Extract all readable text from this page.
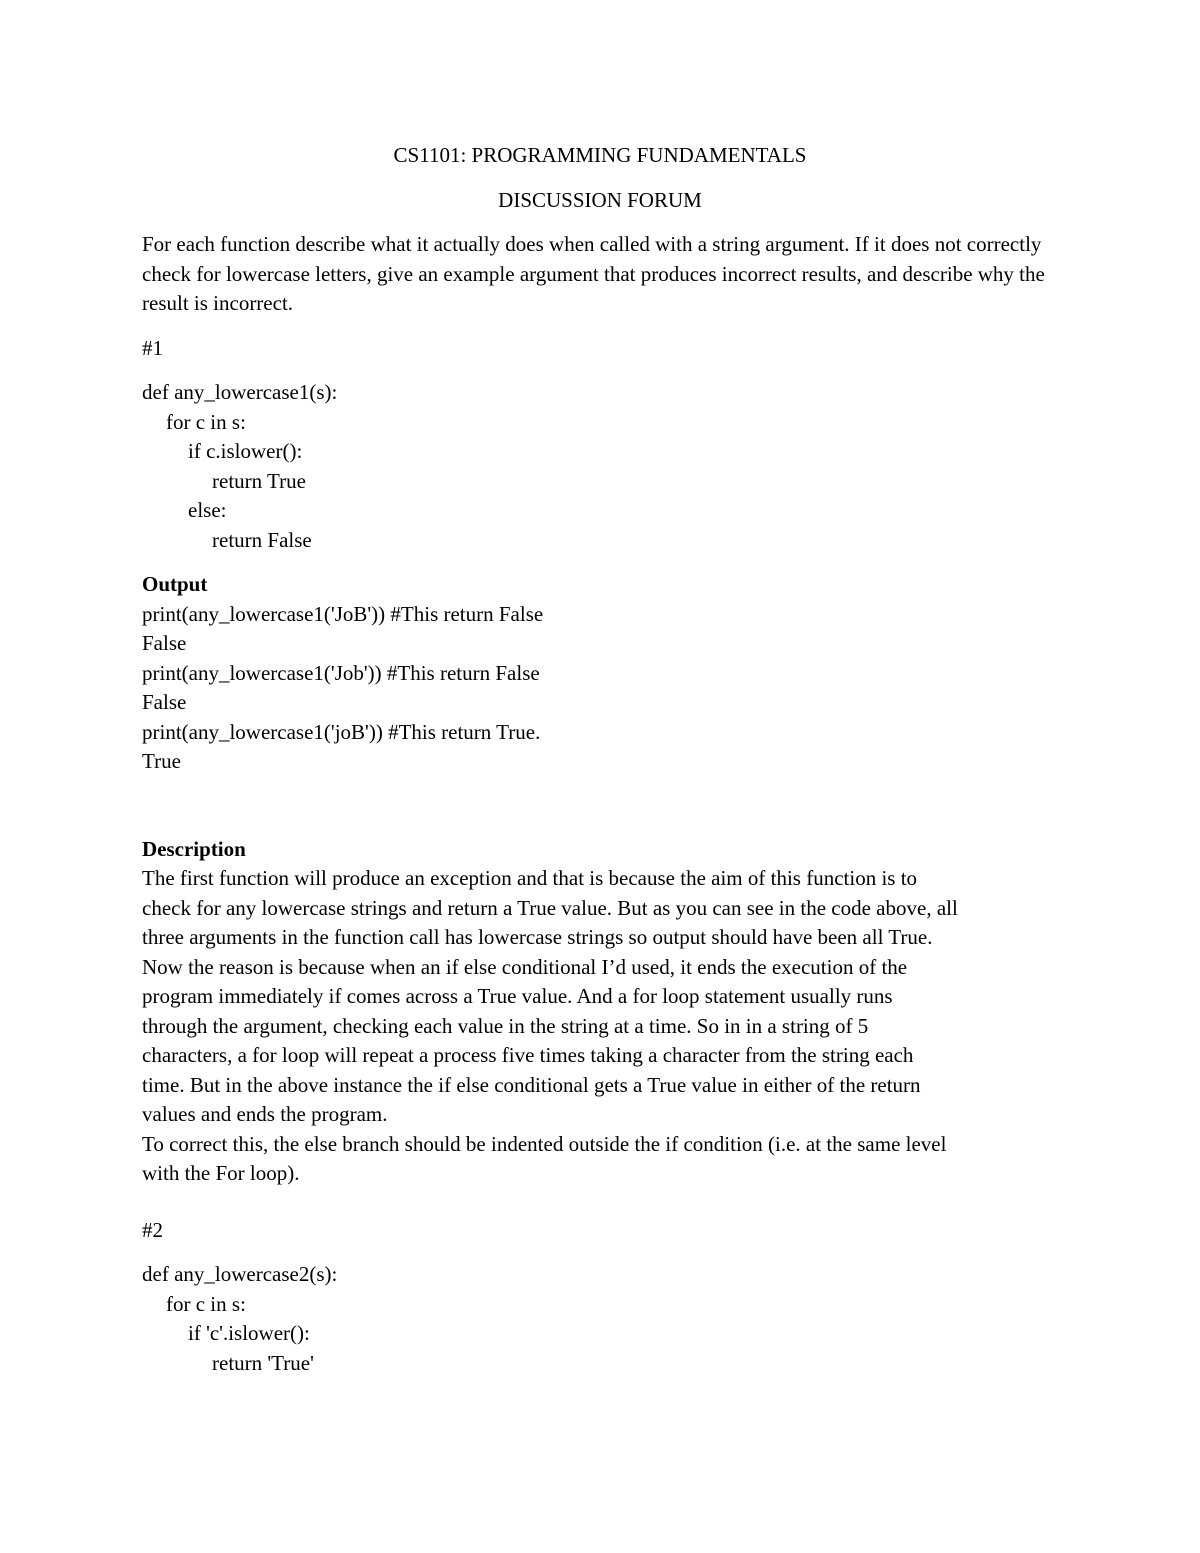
CS1101: PROGRAMMING FUNDAMENTALS

DISCUSSION FORUM

For each function describe what it actually does when called with a string argument. If it does not correctly check for lowercase letters, give an example argument that produces incorrect results, and describe why the result is incorrect.

#1

def any_lowercase1(s):
for c in s:
if c.islower():
return True
else:
return False
Output
print(any_lowercase1('JoB')) #This return False
False
print(any_lowercase1('Job')) #This return False
False
print(any_lowercase1('joB')) #This return True.
True
Description
The first function will produce an exception and that is because the aim of this function is to
check for any lowercase strings and return a True value. But as you can see in the code above, all
three arguments in the function call has lowercase strings so output should have been all True.
Now the reason is because when an if else conditional I’d used, it ends the execution of the
program immediately if comes across a True value. And a for loop statement usually runs
through the argument, checking each value in the string at a time. So in in a string of 5
characters, a for loop will repeat a process five times taking a character from the string each
time. But in the above instance the if else conditional gets a True value in either of the return
values and ends the program.
To correct this, the else branch should be indented outside the if condition (i.e. at the same level
with the For loop).

#2

def any_lowercase2(s):
for c in s:
if 'c'.islower():
return 'True'
